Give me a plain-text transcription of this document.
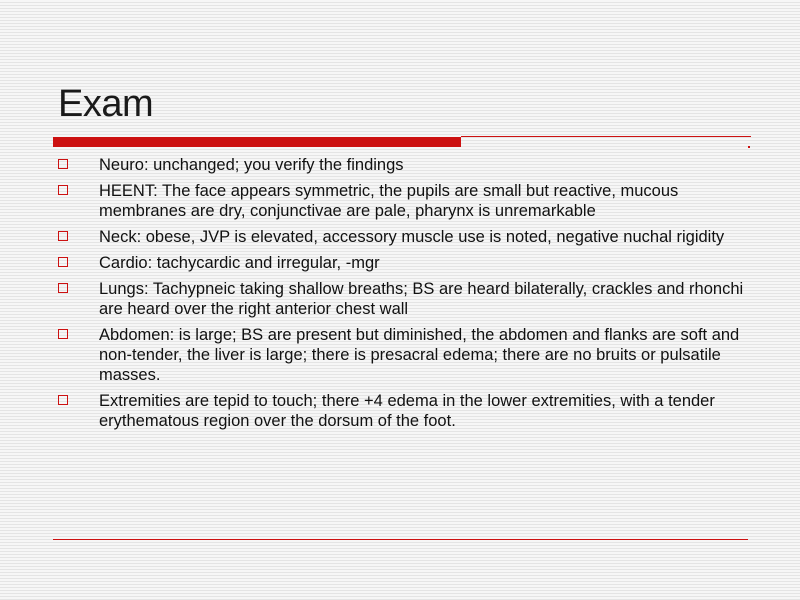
Exam
Neuro: unchanged; you verify the findings
HEENT: The face appears symmetric, the pupils are small but reactive, mucous membranes are dry, conjunctivae are pale, pharynx is unremarkable
Neck: obese, JVP is elevated, accessory muscle use is noted, negative nuchal rigidity
Cardio: tachycardic and irregular, -mgr
Lungs: Tachypneic taking shallow breaths; BS are heard bilaterally, crackles and rhonchi are heard over the right anterior chest wall
Abdomen: is large; BS are present but diminished, the abdomen and flanks are soft and non-tender, the liver is large; there is presacral edema; there are no bruits or pulsatile masses.
Extremities are tepid to touch; there +4 edema in the lower extremities, with a tender erythematous region over the dorsum of the foot.
